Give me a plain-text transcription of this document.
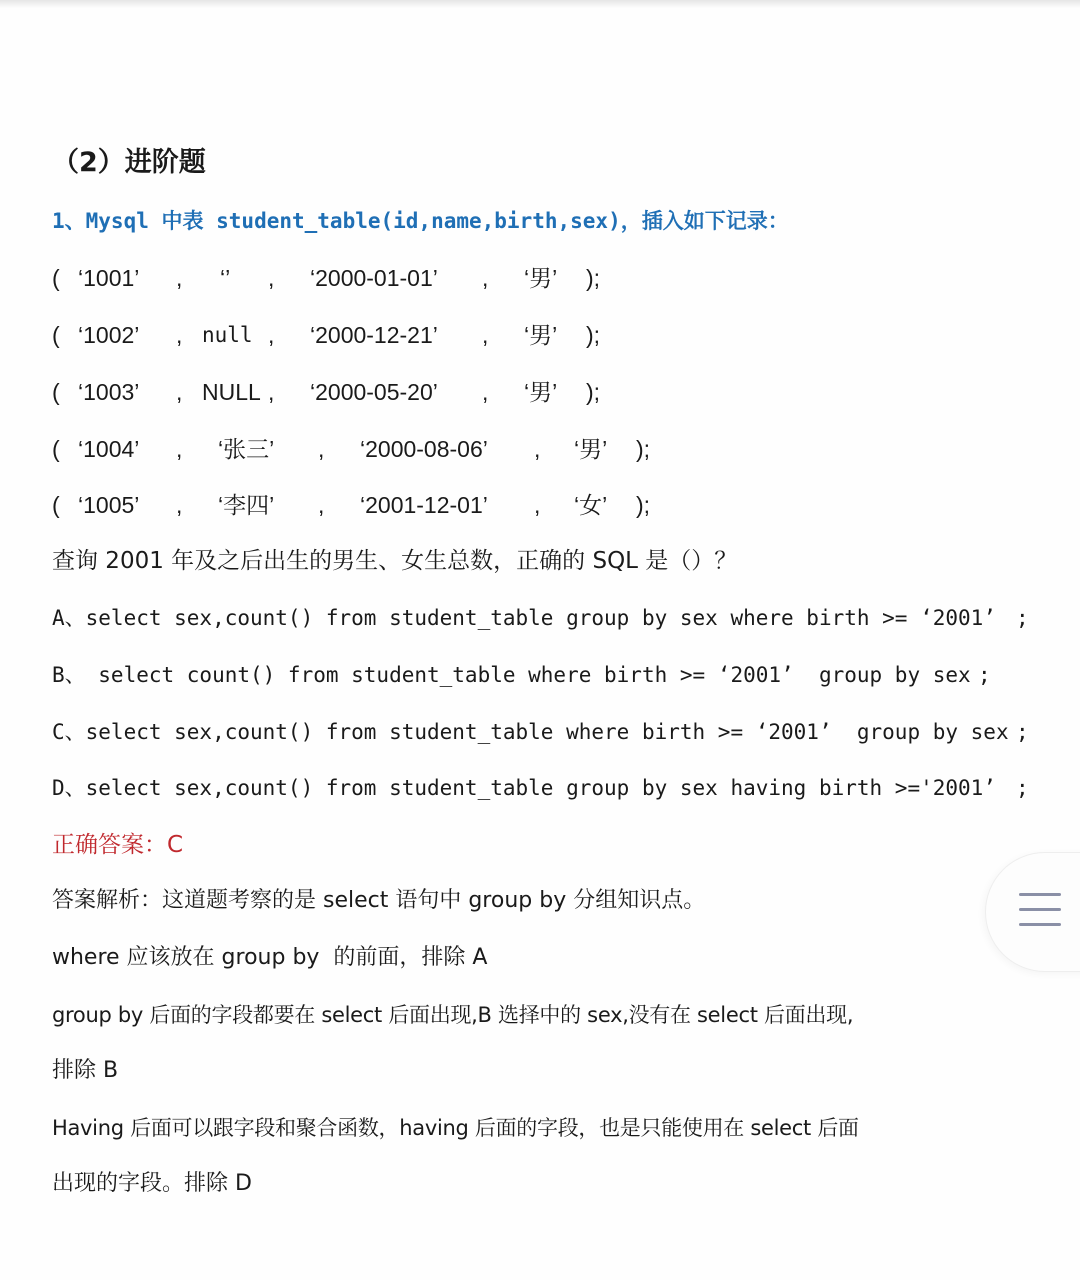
（2）进阶题
1、Mysql 中表 student_table(id,name,birth,sex)，插入如下记录：

(

‘1001’

,

‘’

,

‘2000-01-01’

,

‘男’

);

(

‘1002’

,

null

,

‘2000-12-21’

,

‘男’

);

(

‘1003’

,

NULL

,

‘2000-05-20’

,

‘男’

);

(

‘1004’

,

‘张三’

,

‘2000-08-06’

,

‘男’

);

(

‘1005’

,

‘李四’

,

‘2001-12-01’

,

‘女’

);

查询 2001 年及之后出生的男生、女生总数，正确的 SQL 是（）？
A、select sex,count() from student_table group by sex where birth >= ‘2001’ ;
B、 select count() from student_table where birth >= ‘2001’  group by sex ;
C、select sex,count() from student_table where birth >= ‘2001’  group by sex ;
D、select sex,count() from student_table group by sex having birth >='2001’ ;
正确答案：C
答案解析：这道题考察的是 select 语句中 group by 分组知识点。
where 应该放在 group by  的前面，排除 A
group by 后面的字段都要在 select 后面出现,B 选择中的 sex,没有在 select 后面出现,
排除 B
Having 后面可以跟字段和聚合函数，having 后面的字段，也是只能使用在 select 后面
出现的字段。排除 D
